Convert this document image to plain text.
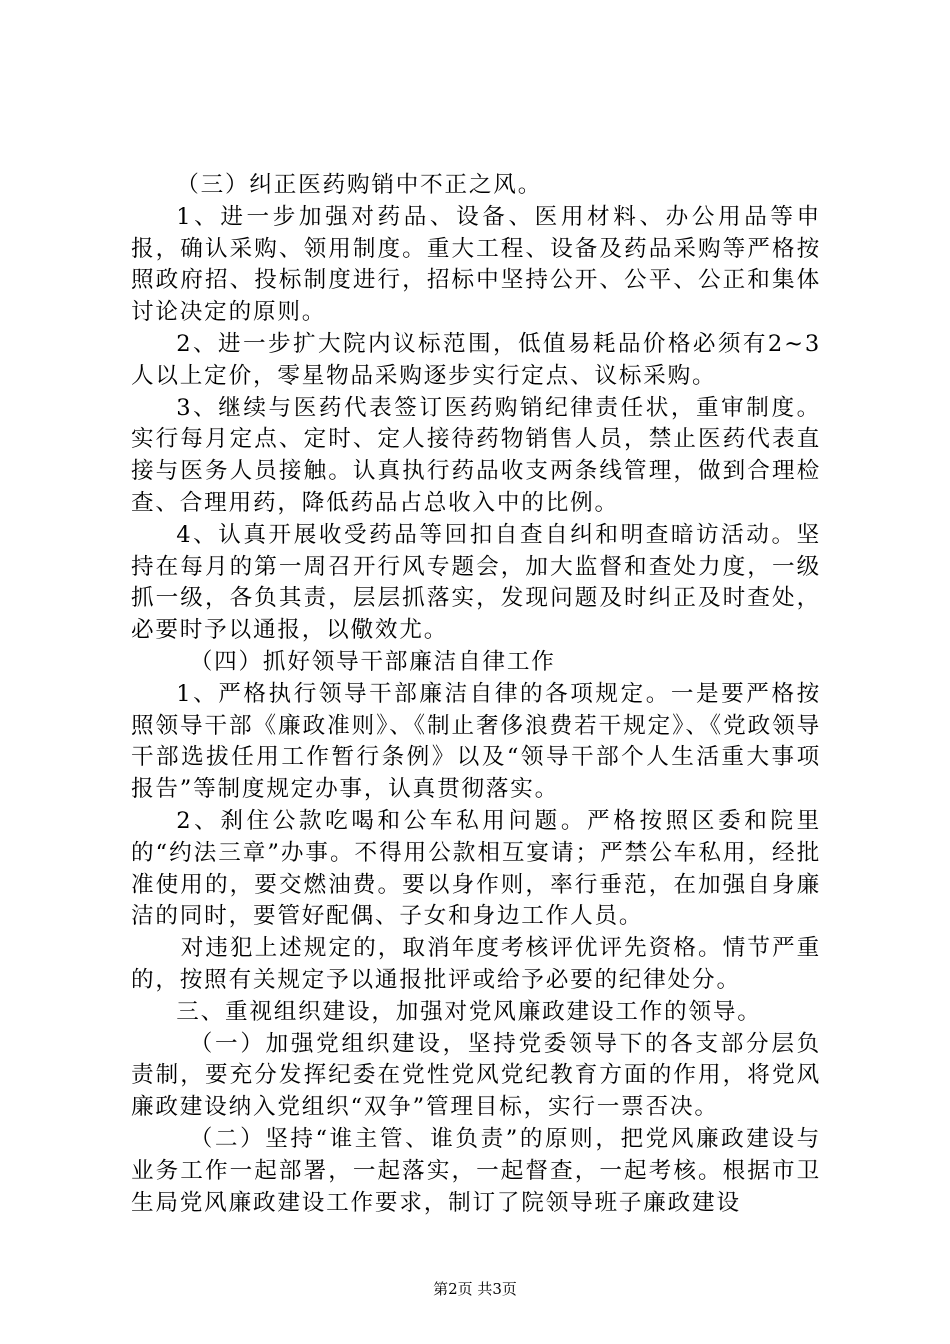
（三）纠正医药购销中不正之风。

1、进一步加强对药品、设备、医用材料、办公用品等申报，确认采购、领用制度。重大工程、设备及药品采购等严格按照政府招、投标制度进行，招标中坚持公开、公平、公正和集体讨论决定的原则。

2、进一步扩大院内议标范围，低值易耗品价格必须有2~3人以上定价，零星物品采购逐步实行定点、议标采购。

3、继续与医药代表签订医药购销纪律责任状，重审制度。实行每月定点、定时、定人接待药物销售人员，禁止医药代表直接与医务人员接触。认真执行药品收支两条线管理，做到合理检查、合理用药，降低药品占总收入中的比例。

4、认真开展收受药品等回扣自查自纠和明查暗访活动。坚持在每月的第一周召开行风专题会，加大监督和查处力度，一级抓一级，各负其责，层层抓落实，发现问题及时纠正及时查处，必要时予以通报，以儆效尤。

（四）抓好领导干部廉洁自律工作

1、严格执行领导干部廉洁自律的各项规定。一是要严格按照领导干部《廉政准则》、《制止奢侈浪费若干规定》、《党政领导干部选拔任用工作暂行条例》以及“领导干部个人生活重大事项报告”等制度规定办事，认真贯彻落实。

2、刹住公款吃喝和公车私用问题。严格按照区委和院里的“约法三章”办事。不得用公款相互宴请；严禁公车私用，经批准使用的，要交燃油费。要以身作则，率行垂范，在加强自身廉洁的同时，要管好配偶、子女和身边工作人员。

对违犯上述规定的，取消年度考核评优评先资格。情节严重的，按照有关规定予以通报批评或给予必要的纪律处分。

三、重视组织建设，加强对党风廉政建设工作的领导。

（一）加强党组织建设，坚持党委领导下的各支部分层负责制，要充分发挥纪委在党性党风党纪教育方面的作用，将党风廉政建设纳入党组织“双争”管理目标，实行一票否决。

（二）坚持“谁主管、谁负责”的原则，把党风廉政建设与业务工作一起部署，一起落实，一起督查，一起考核。根据市卫生局党风廉政建设工作要求，制订了院领导班子廉政建设

第2页 共3页
